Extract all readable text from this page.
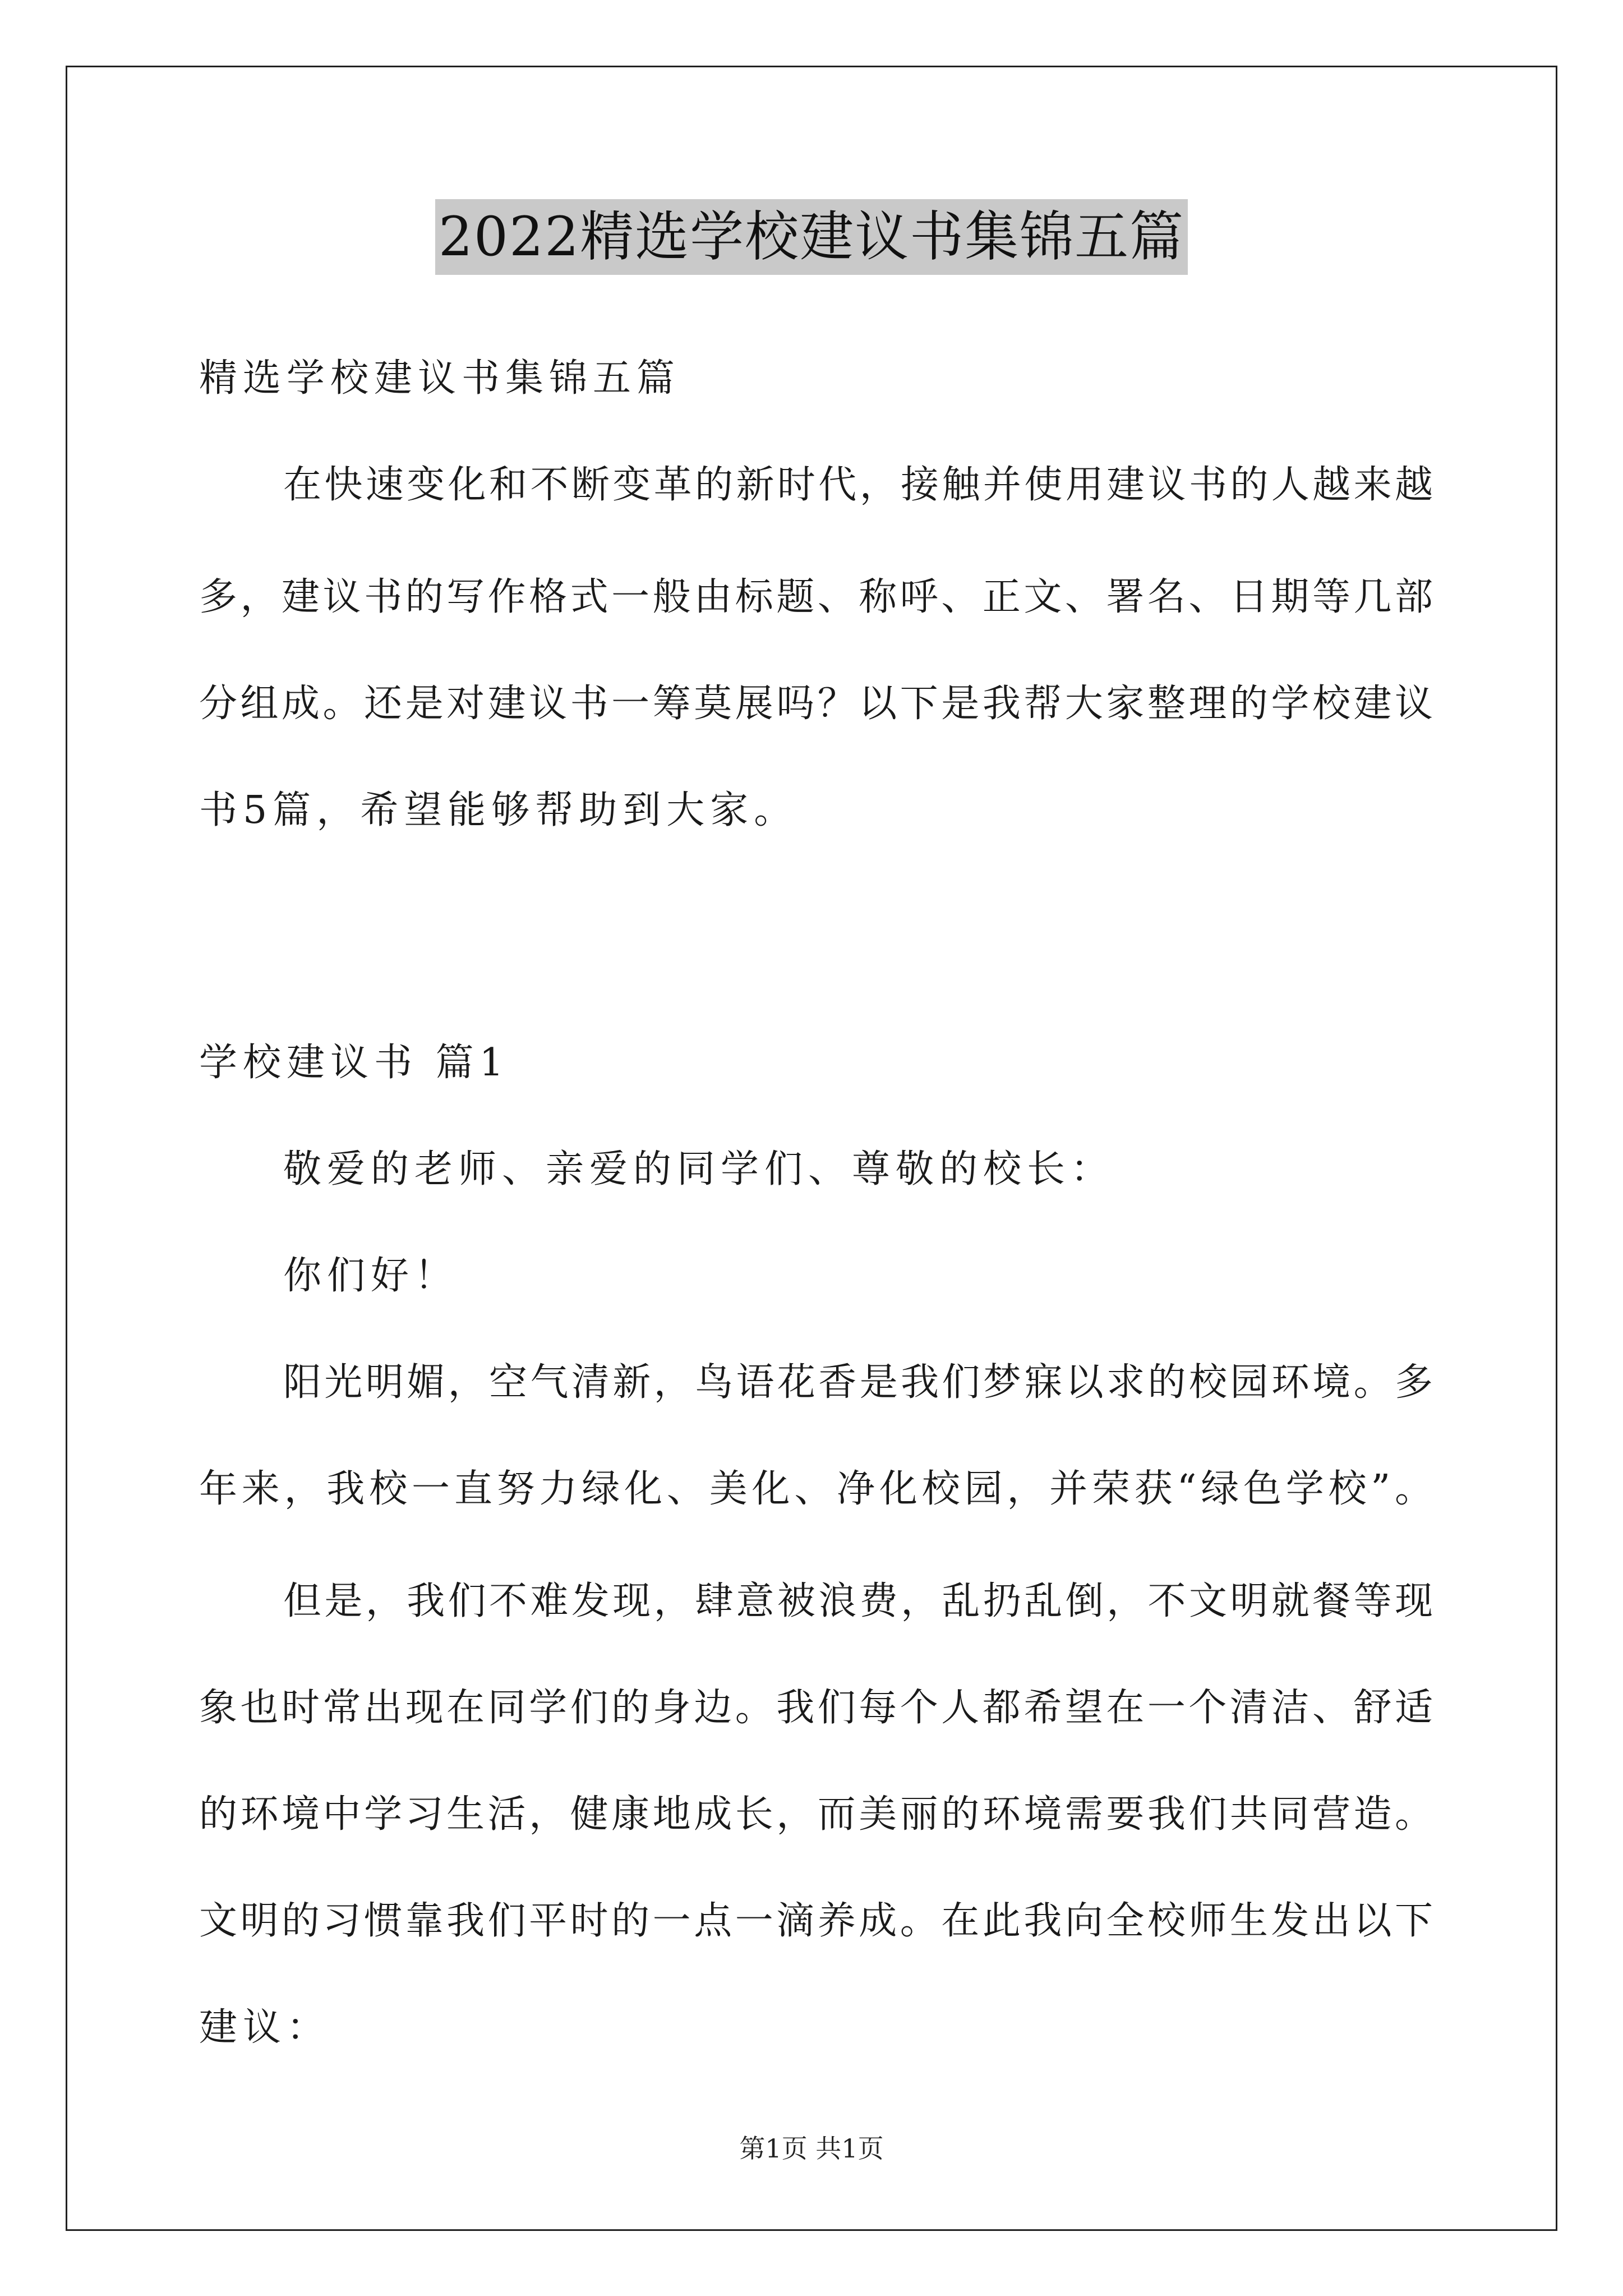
2022精选学校建议书集锦五篇
精选学校建议书集锦五篇
在快速变化和不断变革的新时代，接触并使用建议书的人越来越
多，建议书的写作格式一般由标题、称呼、正文、署名、日期等几部
分组成。还是对建议书一筹莫展吗？以下是我帮大家整理的学校建议
书5篇，希望能够帮助到大家。
学校建议书 篇1
敬爱的老师、亲爱的同学们、尊敬的校长：
你们好！
阳光明媚，空气清新，鸟语花香是我们梦寐以求的校园环境。多
年来，我校一直努力绿化、美化、净化校园，并荣获“绿色学校”。
但是，我们不难发现，肆意被浪费，乱扔乱倒，不文明就餐等现
象也时常出现在同学们的身边。我们每个人都希望在一个清洁、舒适
的环境中学习生活，健康地成长，而美丽的环境需要我们共同营造。
文明的习惯靠我们平时的一点一滴养成。在此我向全校师生发出以下
建议：
第1页 共1页
